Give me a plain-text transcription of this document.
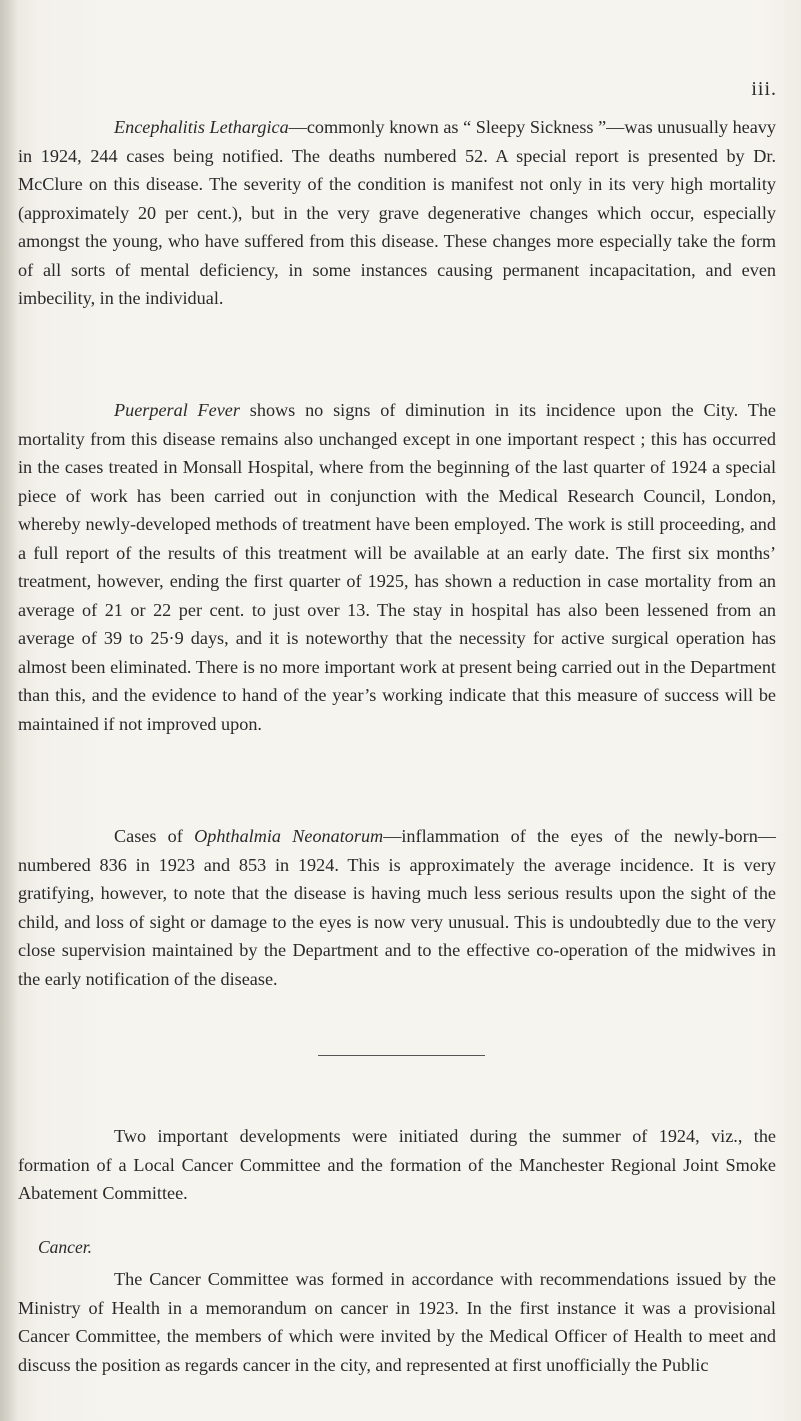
iii.

Encephalitis Lethargica—commonly known as “ Sleepy Sickness ”—was unusually heavy in 1924, 244 cases being notified. The deaths numbered 52. A special report is presented by Dr. McClure on this disease. The severity of the condition is manifest not only in its very high mortality (approximately 20 per cent.), but in the very grave degenerative changes which occur, especially amongst the young, who have suffered from this disease. These changes more especially take the form of all sorts of mental deficiency, in some instances causing permanent incapacitation, and even imbecility, in the individual.

Puerperal Fever shows no signs of diminution in its incidence upon the City. The mortality from this disease remains also unchanged except in one important respect ; this has occurred in the cases treated in Monsall Hospital, where from the beginning of the last quarter of 1924 a special piece of work has been carried out in conjunction with the Medical Research Council, London, whereby newly-developed methods of treatment have been employed. The work is still proceeding, and a full report of the results of this treatment will be available at an early date. The first six months’ treatment, however, ending the first quarter of 1925, has shown a reduction in case mortality from an average of 21 or 22 per cent. to just over 13. The stay in hospital has also been lessened from an average of 39 to 25·9 days, and it is noteworthy that the necessity for active surgical operation has almost been eliminated. There is no more important work at present being carried out in the Department than this, and the evidence to hand of the year’s working indicate that this measure of success will be maintained if not improved upon.

Cases of Ophthalmia Neonatorum—inflammation of the eyes of the newly-born—numbered 836 in 1923 and 853 in 1924. This is approximately the average incidence. It is very gratifying, however, to note that the disease is having much less serious results upon the sight of the child, and loss of sight or damage to the eyes is now very unusual. This is undoubtedly due to the very close supervision maintained by the Department and to the effective co-operation of the midwives in the early notification of the disease.

Two important developments were initiated during the summer of 1924, viz., the formation of a Local Cancer Committee and the formation of the Manchester Regional Joint Smoke Abatement Committee.

Cancer.

The Cancer Committee was formed in accordance with recommendations issued by the Ministry of Health in a memorandum on cancer in 1923. In the first instance it was a provisional Cancer Committee, the members of which were invited by the Medical Officer of Health to meet and discuss the position as regards cancer in the city, and represented at first unofficially the Public
